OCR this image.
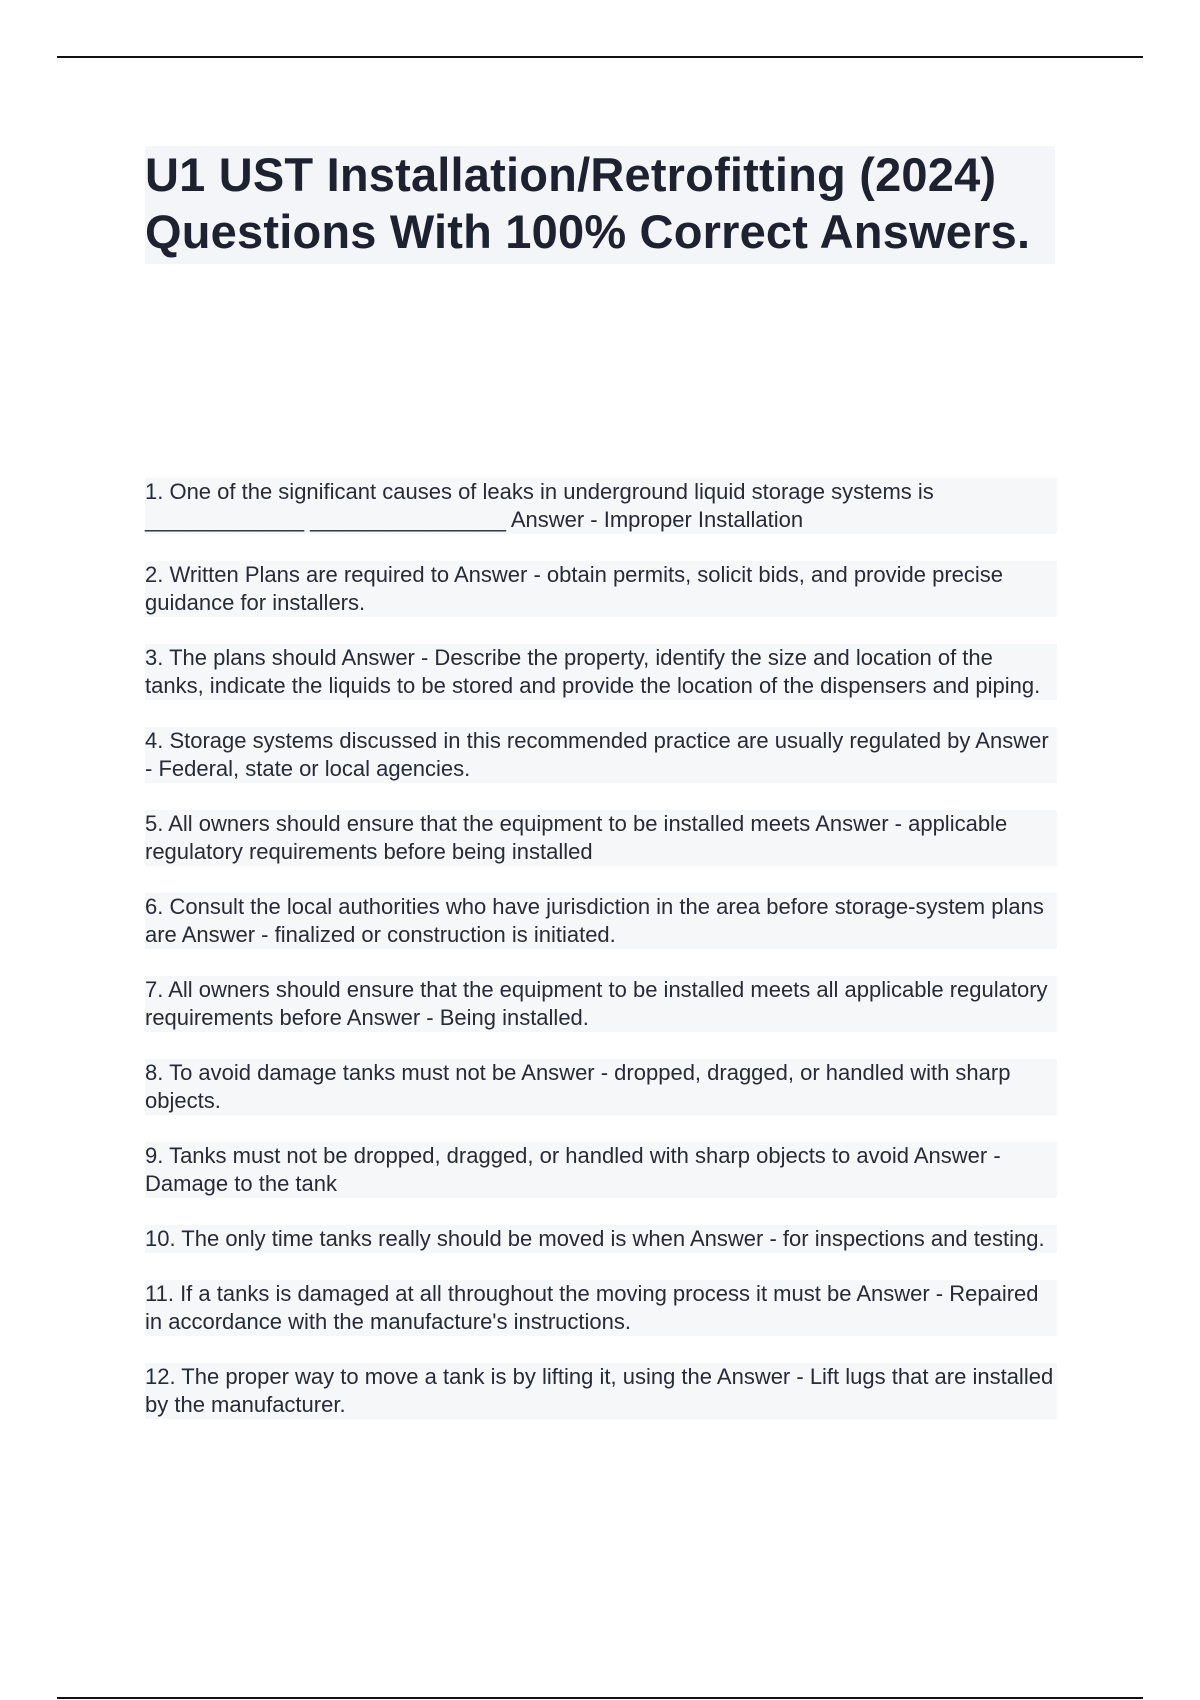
U1 UST Installation/Retrofitting (2024)
Questions With 100% Correct Answers.
1. One of the significant causes of leaks in underground liquid storage systems is _____________ ________________ Answer - Improper Installation
2. Written Plans are required to Answer - obtain permits, solicit bids, and provide precise guidance for installers.
3. The plans should Answer - Describe the property, identify the size and location of the tanks, indicate the liquids to be stored and provide the location of the dispensers and piping.
4. Storage systems discussed in this recommended practice are usually regulated by Answer - Federal, state or local agencies.
5. All owners should ensure that the equipment to be installed meets Answer - applicable regulatory requirements before being installed
6. Consult the local authorities who have jurisdiction in the area before storage-system plans are Answer - finalized or construction is initiated.
7. All owners should ensure that the equipment to be installed meets all applicable regulatory requirements before Answer - Being installed.
8. To avoid damage tanks must not be Answer - dropped, dragged, or handled with sharp objects.
9. Tanks must not be dropped, dragged, or handled with sharp objects to avoid Answer - Damage to the tank
10. The only time tanks really should be moved is when Answer - for inspections and testing.
11. If a tanks is damaged at all throughout the moving process it must be Answer - Repaired in accordance with the manufacture's instructions.
12. The proper way to move a tank is by lifting it, using the Answer - Lift lugs that are installed by the manufacturer.
